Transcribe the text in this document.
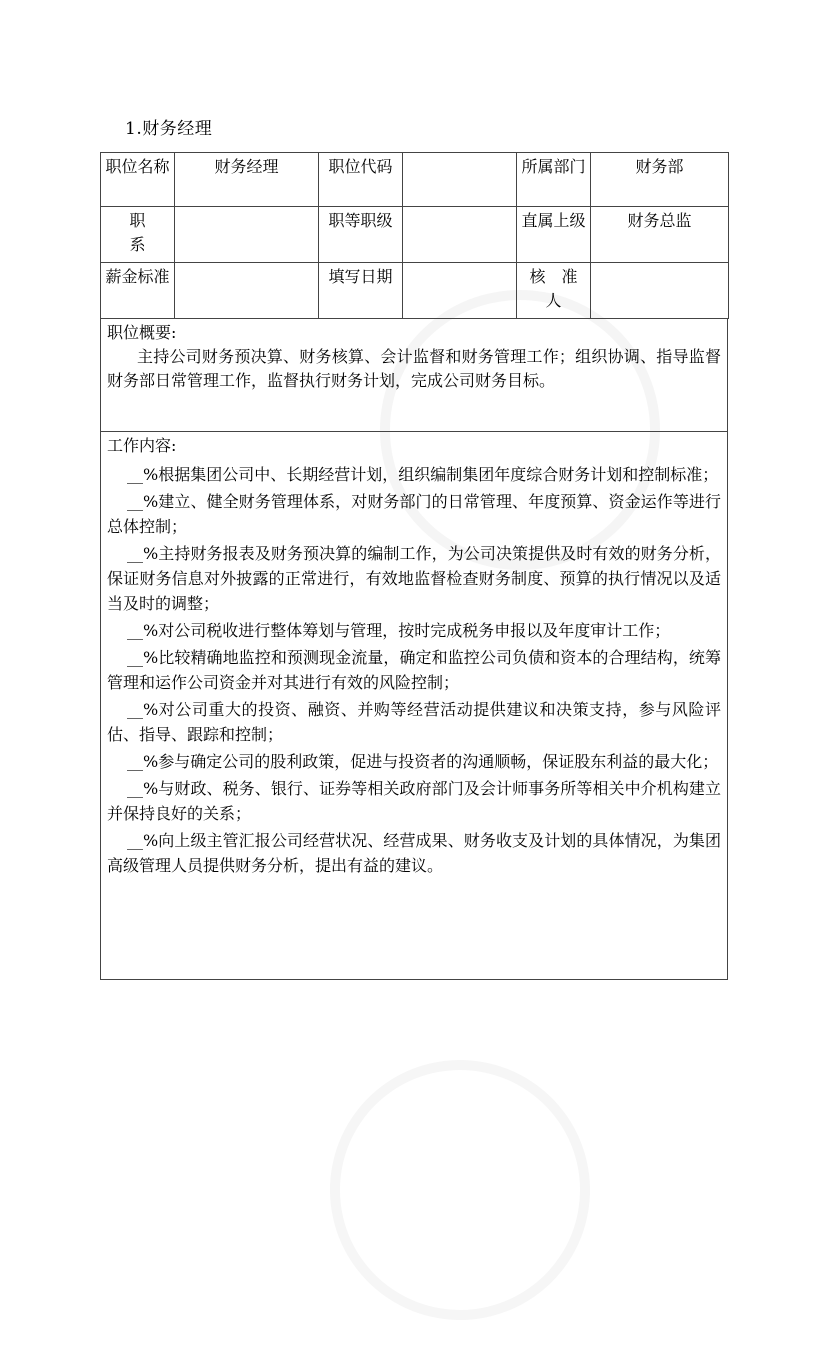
1.财务经理
职位名称	财务经理	职位代码		所属部门	财务部
职
系		职等职级		直属上级	财务总监
薪金标准		填写日期		核　准
人	
职位概要:

主持公司财务预决算、财务核算、会计监督和财务管理工作；组织协调、指导监督财务部日常管理工作，监督执行财务计划，完成公司财务目标。

工作内容:

__%根据集团公司中、长期经营计划，组织编制集团年度综合财务计划和控制标准；

__%建立、健全财务管理体系，对财务部门的日常管理、年度预算、资金运作等进行总体控制；

__%主持财务报表及财务预决算的编制工作，为公司决策提供及时有效的财务分析，保证财务信息对外披露的正常进行，有效地监督检查财务制度、预算的执行情况以及适当及时的调整；

__%对公司税收进行整体筹划与管理，按时完成税务申报以及年度审计工作；

__%比较精确地监控和预测现金流量，确定和监控公司负债和资本的合理结构，统筹管理和运作公司资金并对其进行有效的风险控制；

__%对公司重大的投资、融资、并购等经营活动提供建议和决策支持，参与风险评估、指导、跟踪和控制；

__%参与确定公司的股利政策，促进与投资者的沟通顺畅，保证股东利益的最大化；

__%与财政、税务、银行、证券等相关政府部门及会计师事务所等相关中介机构建立并保持良好的关系；

__%向上级主管汇报公司经营状况、经营成果、财务收支及计划的具体情况，为集团高级管理人员提供财务分析，提出有益的建议。
